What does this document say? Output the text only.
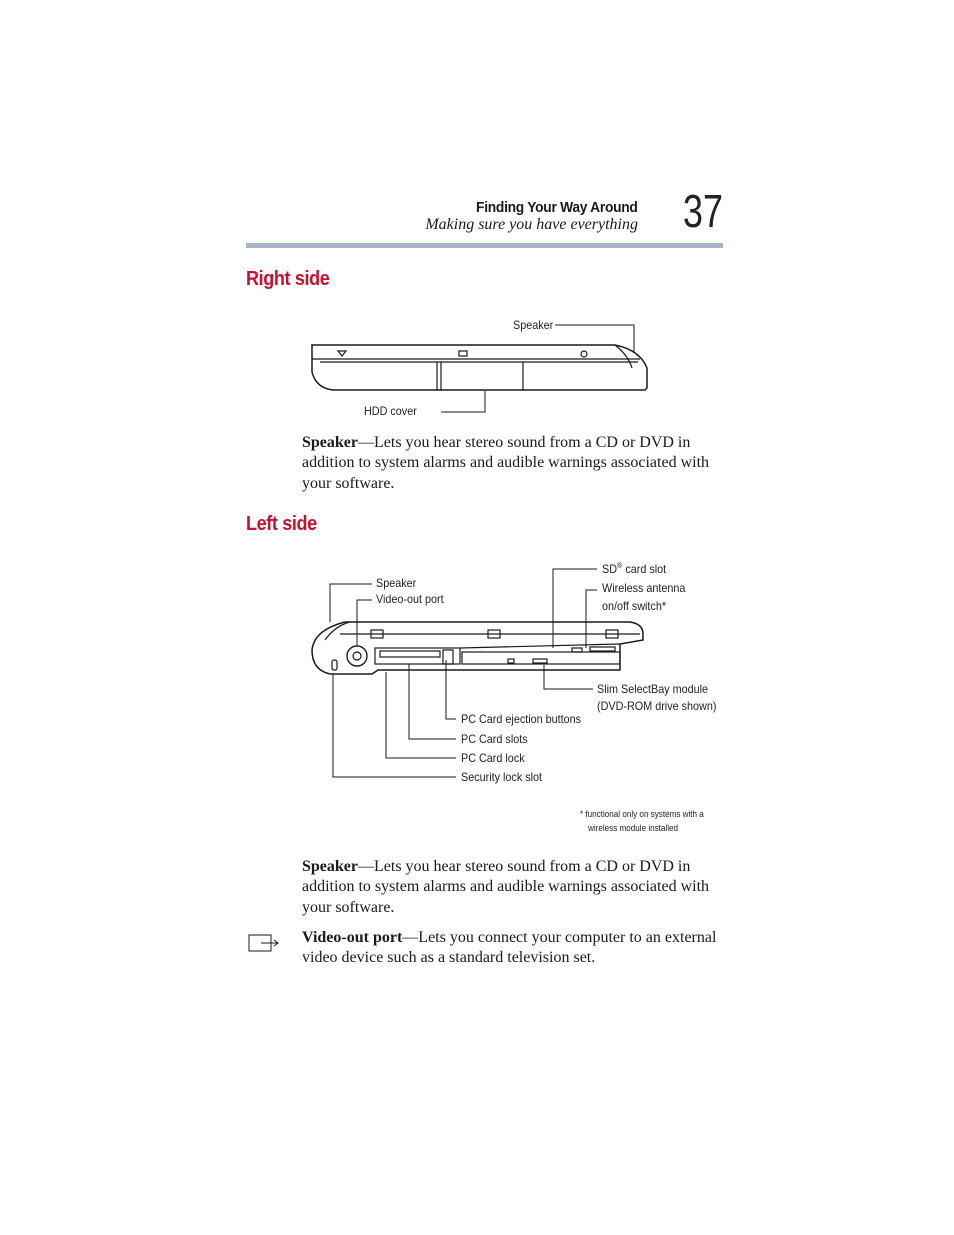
Finding Your Way Around
Making sure you have everything 37
Right side
Speaker
HDD cover
Speaker—Lets you hear stereo sound from a CD or DVD in addition to system alarms and audible warnings associated with your software.
Left side
Speaker
Video-out port
SD® card slot
Wireless antenna
on/off switch*
Slim SelectBay module
(DVD-ROM drive shown)
PC Card ejection buttons
PC Card slots
PC Card lock
Security lock slot
* functional only on systems with a
wireless module installed
Speaker—Lets you hear stereo sound from a CD or DVD in addition to system alarms and audible warnings associated with your software.
Video-out port—Lets you connect your computer to an external video device such as a standard television set.
